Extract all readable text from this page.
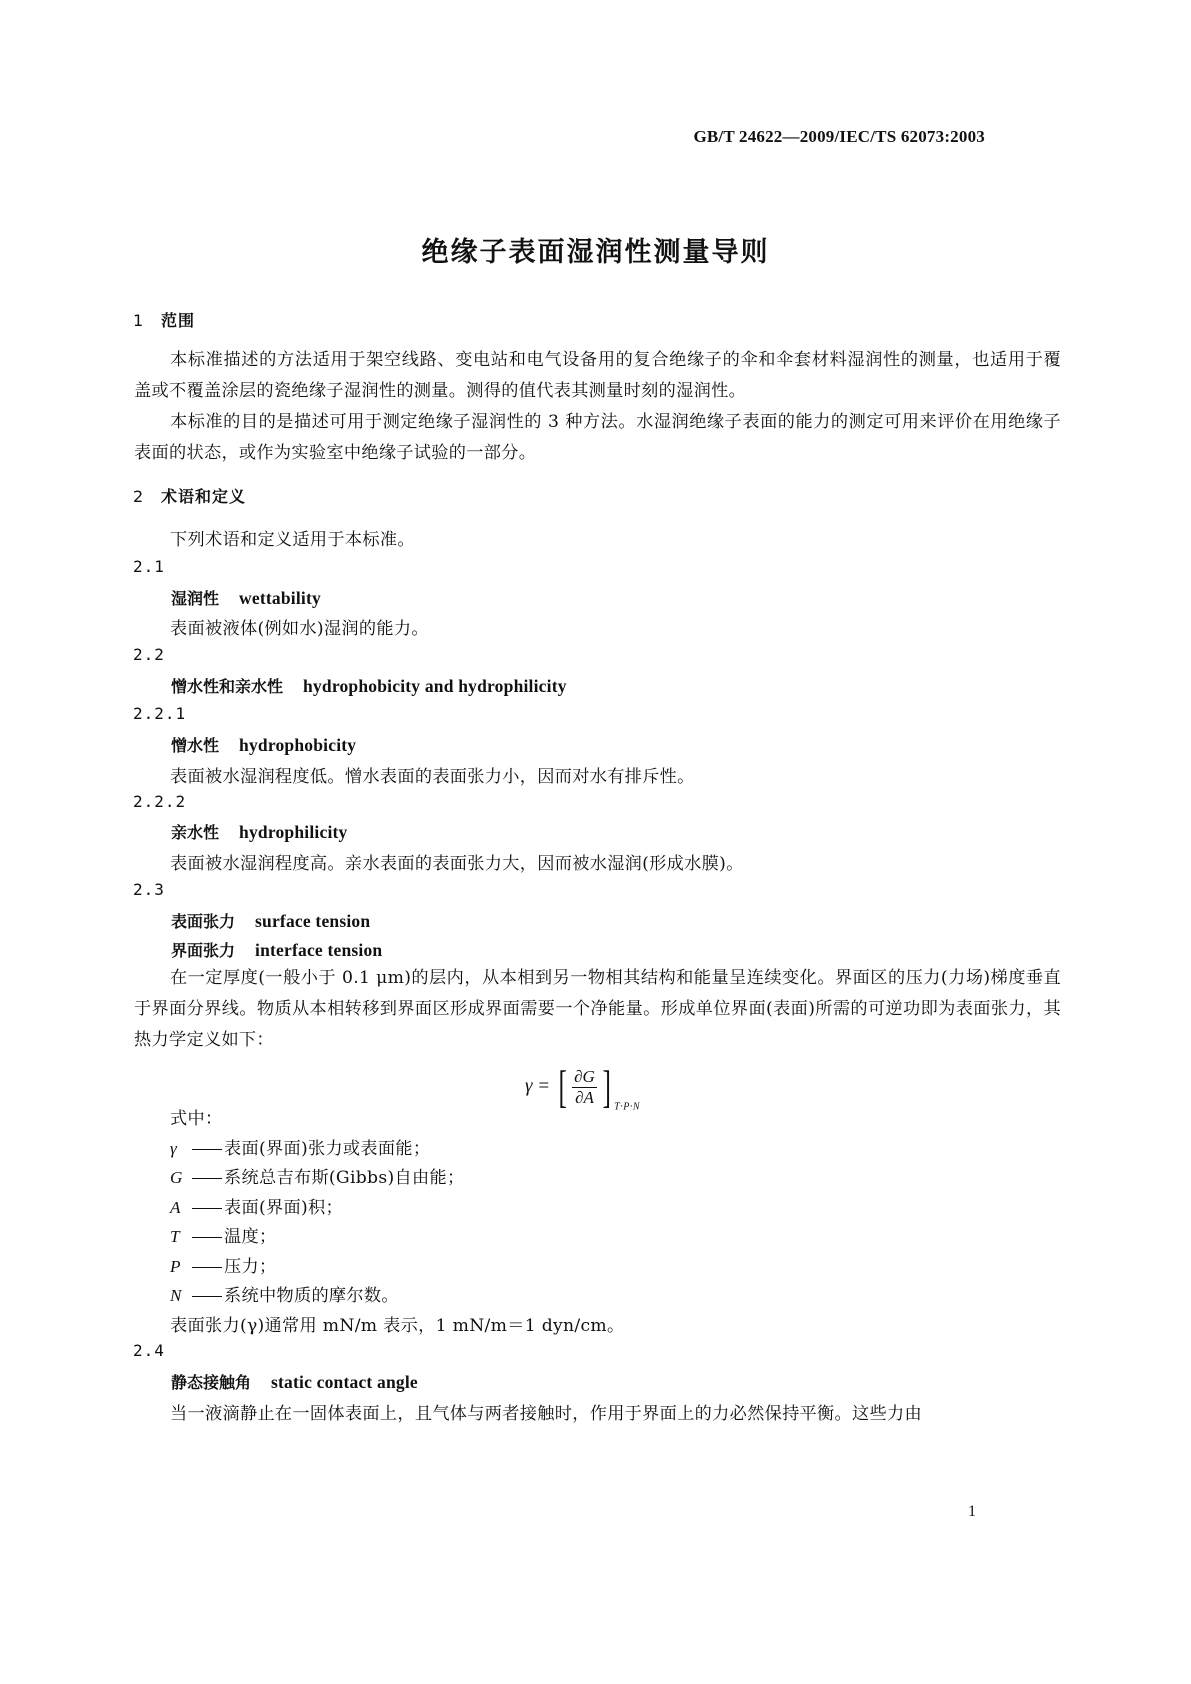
GB/T 24622—2009/IEC/TS 62073:2003
绝缘子表面湿润性测量导则
1 范围
本标准描述的方法适用于架空线路、变电站和电气设备用的复合绝缘子的伞和伞套材料湿润性的测量，也适用于覆盖或不覆盖涂层的瓷绝缘子湿润性的测量。测得的值代表其测量时刻的湿润性。
本标准的目的是描述可用于测定绝缘子湿润性的 3 种方法。水湿润绝缘子表面的能力的测定可用来评价在用绝缘子表面的状态，或作为实验室中绝缘子试验的一部分。
2 术语和定义
下列术语和定义适用于本标准。
2.1
湿润性 wettability
表面被液体(例如水)湿润的能力。
2.2
憎水性和亲水性 hydrophobicity and hydrophilicity
2.2.1
憎水性 hydrophobicity
表面被水湿润程度低。憎水表面的表面张力小，因而对水有排斥性。
2.2.2
亲水性 hydrophilicity
表面被水湿润程度高。亲水表面的表面张力大，因而被水湿润(形成水膜)。
2.3
表面张力 surface tension
界面张力 interface tension
在一定厚度(一般小于 0.1 μm)的层内，从本相到另一物相其结构和能量呈连续变化。界面区的压力(力场)梯度垂直于界面分界线。物质从本相转移到界面区形成界面需要一个净能量。形成单位界面(表面)所需的可逆功即为表面张力，其热力学定义如下：
γ = [ $\frac{\partial G}{\partial A}$ ] $_{T\cdot P\cdot N}$
式中：
γ	表面(界面)张力或表面能；
G 系统总吉布斯(Gibbs)自由能；
A	表面(界面)积；
T	温度；
P	压力；
N 系统中物质的摩尔数。
表面张力(γ)通常用 mN/m 表示，1 mN/m＝1 dyn/cm。
2.4
静态接触角 static contact angle
当一液滴静止在一固体表面上，且气体与两者接触时，作用于界面上的力必然保持平衡。这些力由
1
